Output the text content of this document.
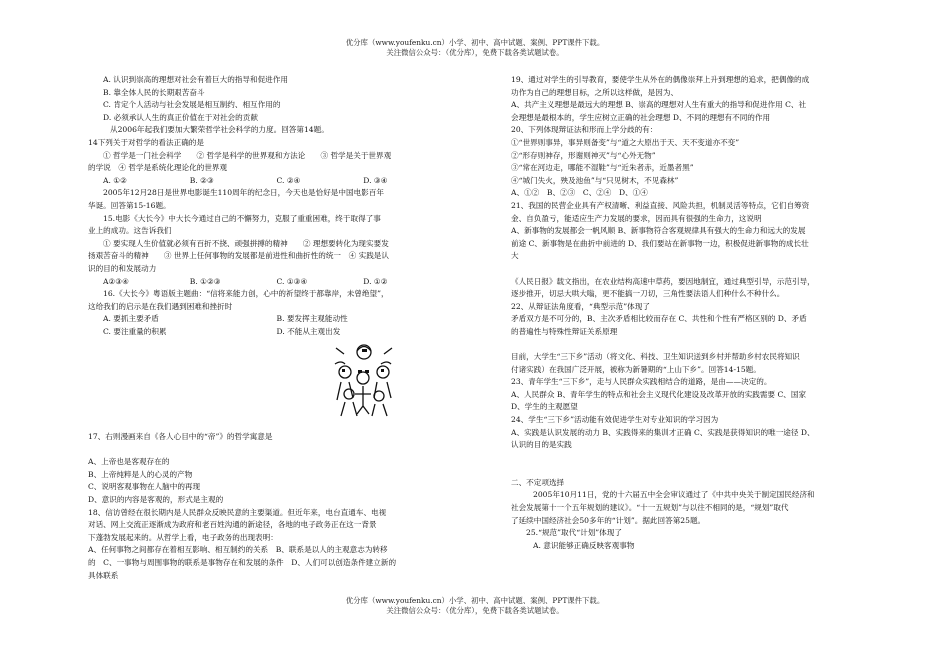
优分库（www.youfenku.cn）小学、初中、高中试题、案例、PPT课件下载。
关注微信公众号：（优分库），免费下载各类试题试卷。
A. 认识到崇高的理想对社会有着巨大的指导和促进作用
B. 靠全体人民的长期艰苦奋斗
C. 肯定个人活动与社会发展是相互制约、相互作用的
D. 必须承认人生的真正价值在于对社会的贡献
从2006年起我们要加大繁荣哲学社会科学的力度。回答第14题。
14下列关于对哲学的看法正确的是
① 哲学是一门社会科学　　② 哲学是科学的世界观和方法论　　③ 哲学是关于世界观
的学说　④ 哲学是系统化理论化的世界观
A. ①②	B. ②③	C. ②④	D. ③④
2005年12月28日是世界电影诞生110周年的纪念日，今天也是恰好是中国电影百年
华诞。回答第15-16题。
15.电影《大长今》中大长今通过自己的不懈努力，克服了重重困难，终于取得了事
业上的成功。这告诉我们
① 要实现人生价值就必须有百折不挠、顽强拼搏的精神　　② 理想要转化为现实要发
扬艰苦奋斗的精神　　③ 世界上任何事物的发展都是前进性和曲折性的统一　④ 实践是认
识的目的和发展动力
A②③④	B. ①②③	C. ①③④	D. ①②
16.《大长今》粤语版主题曲：“信将来能力创，心中的祈望终于都靠岸，未曾绝望”，
这给我们的启示是在我们遇到困难和挫折时
A. 要抓主要矛盾	B. 要发挥主观能动性
C. 要注重量的积累	D. 不能从主观出发
17、右则漫画来自《各人心目中的“帝”》的哲学寓意是
A、上帝也是客观存在的
B、上帝纯粹是人的心灵的产物
C、说明客观事物在人脑中的再现
D、意识的内容是客观的，形式是主观的
18、信访曾经在很长期内是人民群众反映民意的主要渠道。但近年来，电台直通车、电视
对话、网上交流正逐渐成为政府和老百姓沟通的新途径，各地的电子政务正在这一背景
下蓬勃发展起来的。从哲学上看，电子政务的出现表明：
A、任何事物之间都存在着相互影响、相互制约的关系　B、联系是以人的主观意志为转移
的　C、一事物与周围事物的联系是事物存在和发展的条件　D、人们可以创造条件建立新的
具体联系
19、通过对学生的引导教育，要使学生从外在的偶像崇拜上升到理想的追求，把偶像的成
功作为自己的理想目标，之所以这样做，是因为、
A、共产主义理想是最远大的理想 B、崇高的理想对人生有重大的指导和促进作用 C、社
会理想是最根本的，学生应树立正确的社会理想 D、不同的理想有不同的作用
20、下列体现辩证法和形而上学分歧的有：
①“世界则事异，事异则备变”与“道之大原出于天、天不变道亦不变”
②“形存则神存，形谢则神灭”与“心外无物”
③“常在河边走，哪能不湿鞋”与“近朱者赤，近墨者黑”
④“城门失火，殃及池鱼”与“只见树木，不见森林”
A、①②　B、②③　C、②④　D、①④
21、我国的民营企业具有产权清晰、利益直接、风险共担，机制灵活等特点，它们自筹资
金、自负盈亏，能适应生产力发展的要求，因而具有很强的生命力，这说明
A、新事物的发展都会一帆风顺 B、新事物符合客观规律具有强大的生命力和远大的发展
前途 C、新事物是在曲折中前进的 D、我们要站在新事物一边，积极促进新事物的成长壮
大
《人民日报》载文指出，在农业结构高速中草药，要因地制宜，通过典型引导，示范引导，
逐步推开，切忌大哄大嗡，更不能搞一刀切，三角性要法语人们种什么不种什么。
22、从辩证法角度看，“典型示范”体现了
矛盾双方是不可分的，B、主次矛盾相比较而存在 C、共性和个性有严格区别的 D、矛盾
的普遍性与特殊性辩证关系原理
目前，大学生“三下乡”活动（将文化、科技、卫生知识送到乡村并帮助乡村农民将知识
付诸实践）在我国广泛开展，被称为新暑期的“上山下乡”。回答14-15题。
23、青年学生“三下乡”，走与人民群众实践相结合的道路，是由——决定的。
A、人民群众 B、青年学生的特点和社会主义现代化建设及改革开放的实践需要 C、国家
D、学生的主观愿望
24、学生“三下乡”活动能有效促进学生对专业知识的学习因为
A、实践是认识发展的动力 B、实践得来的集训才正确 C、实践是获得知识的唯一途径 D、
认识的目的是实践
二、不定项选择
2005年10月11日，党的十六届五中全会审议通过了《中共中央关于制定国民经济和
社会发展第十一个五年规划的建议》。“十一五规划”与以往不相同的是，“规划”取代
了延续中国经济社会50多年的“计划”。据此回答第25题。
25.“规范”取代“计划”体现了
A. 意识能够正确反映客观事物
优分库（www.youfenku.cn）小学、初中、高中试题、案例、PPT课件下载。
关注微信公众号：（优分库），免费下载各类试题试卷。
